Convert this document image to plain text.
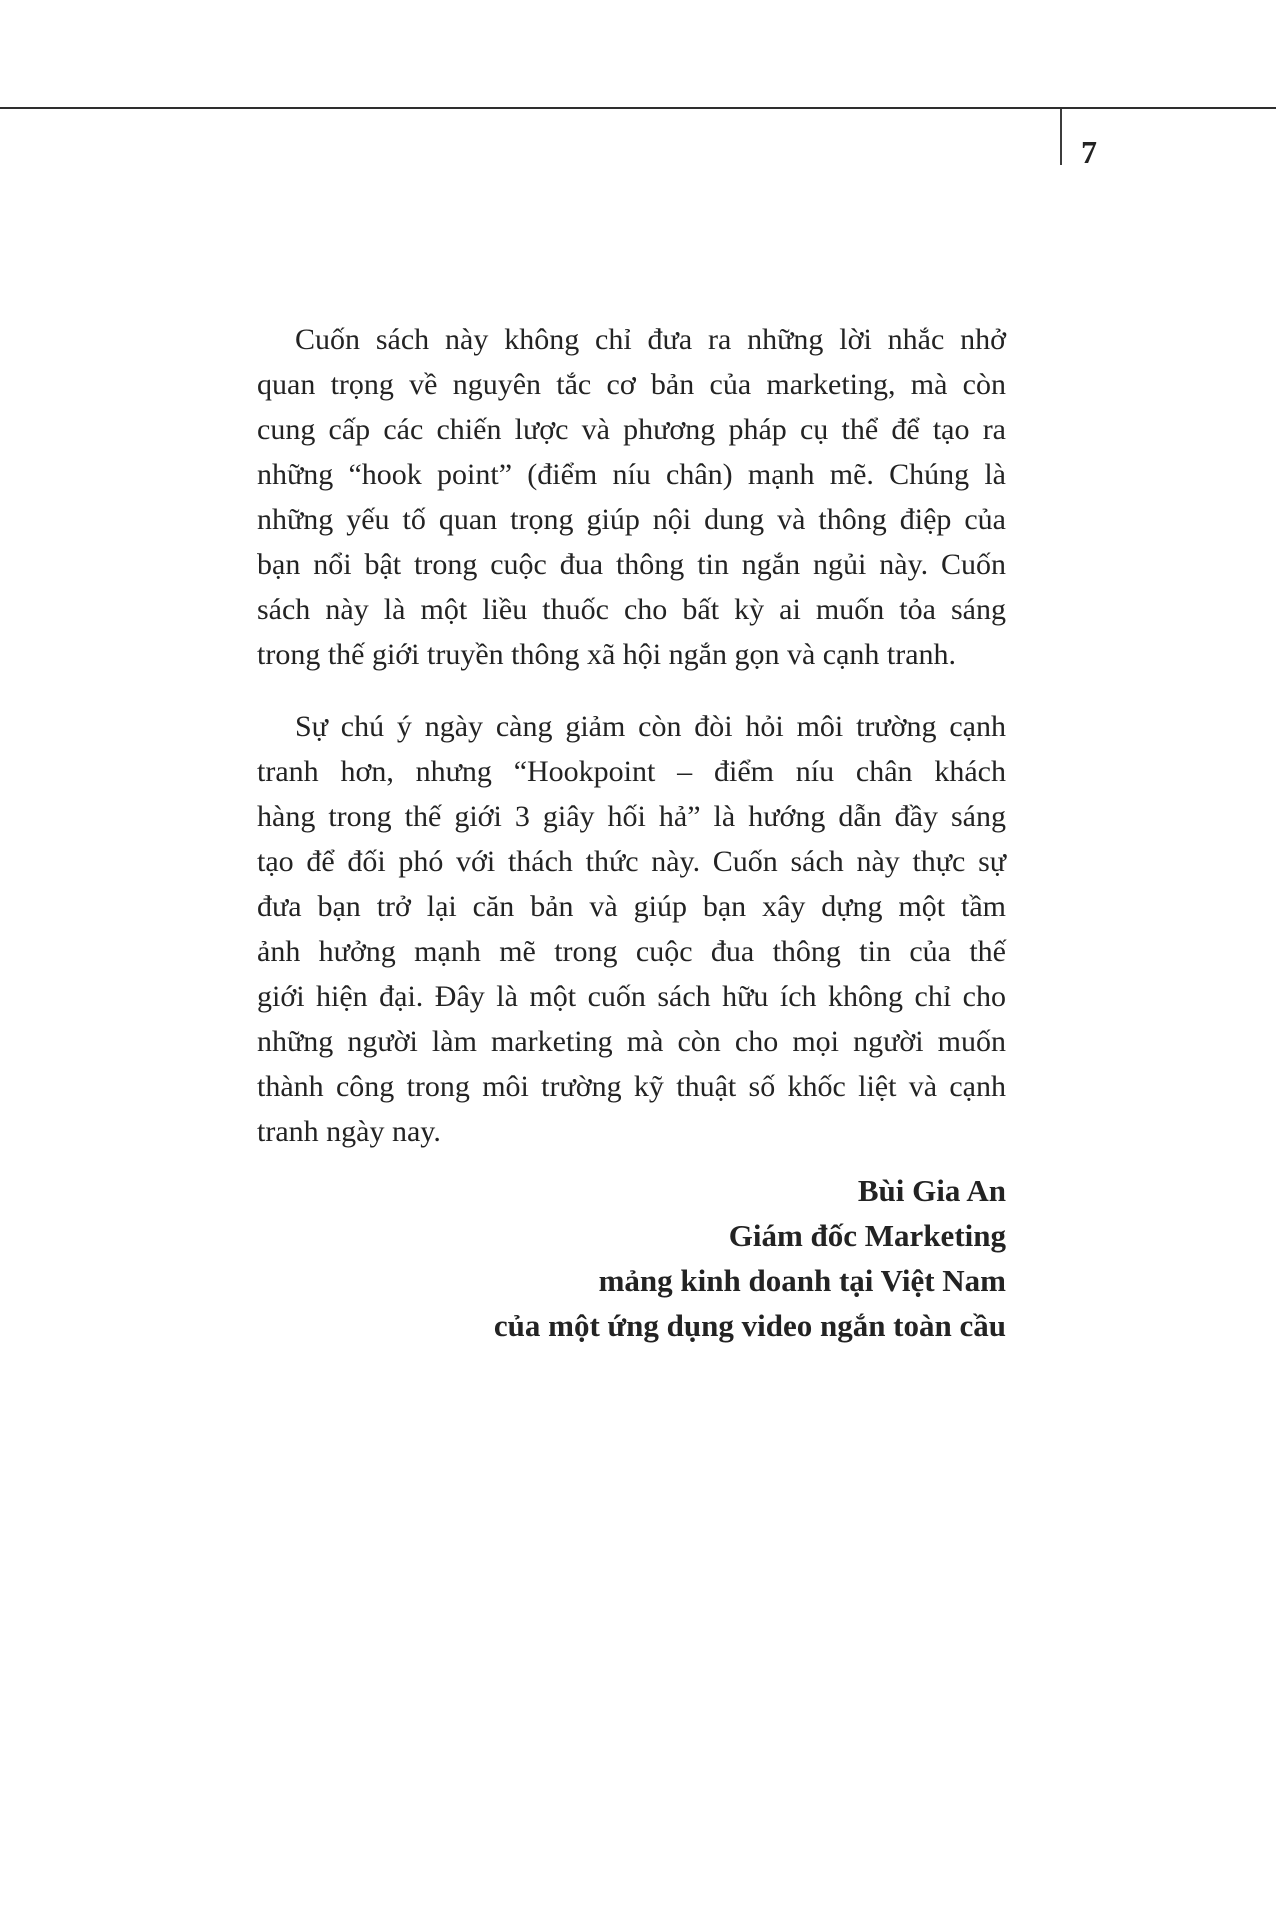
7
Cuốn sách này không chỉ đưa ra những lời nhắc nhở
quan trọng về nguyên tắc cơ bản của marketing, mà còn
cung cấp các chiến lược và phương pháp cụ thể để tạo ra
những “hook point” (điểm níu chân) mạnh mẽ. Chúng là
những yếu tố quan trọng giúp nội dung và thông điệp của
bạn nổi bật trong cuộc đua thông tin ngắn ngủi này. Cuốn
sách này là một liều thuốc cho bất kỳ ai muốn tỏa sáng
trong thế giới truyền thông xã hội ngắn gọn và cạnh tranh.
Sự chú ý ngày càng giảm còn đòi hỏi môi trường cạnh
tranh hơn, nhưng “Hookpoint – điểm níu chân khách
hàng trong thế giới 3 giây hối hả” là hướng dẫn đầy sáng
tạo để đối phó với thách thức này. Cuốn sách này thực sự
đưa bạn trở lại căn bản và giúp bạn xây dựng một tầm
ảnh hưởng mạnh mẽ trong cuộc đua thông tin của thế
giới hiện đại. Đây là một cuốn sách hữu ích không chỉ cho
những người làm marketing mà còn cho mọi người muốn
thành công trong môi trường kỹ thuật số khốc liệt và cạnh
tranh ngày nay.
Bùi Gia An
Giám đốc Marketing
mảng kinh doanh tại Việt Nam
của một ứng dụng video ngắn toàn cầu
